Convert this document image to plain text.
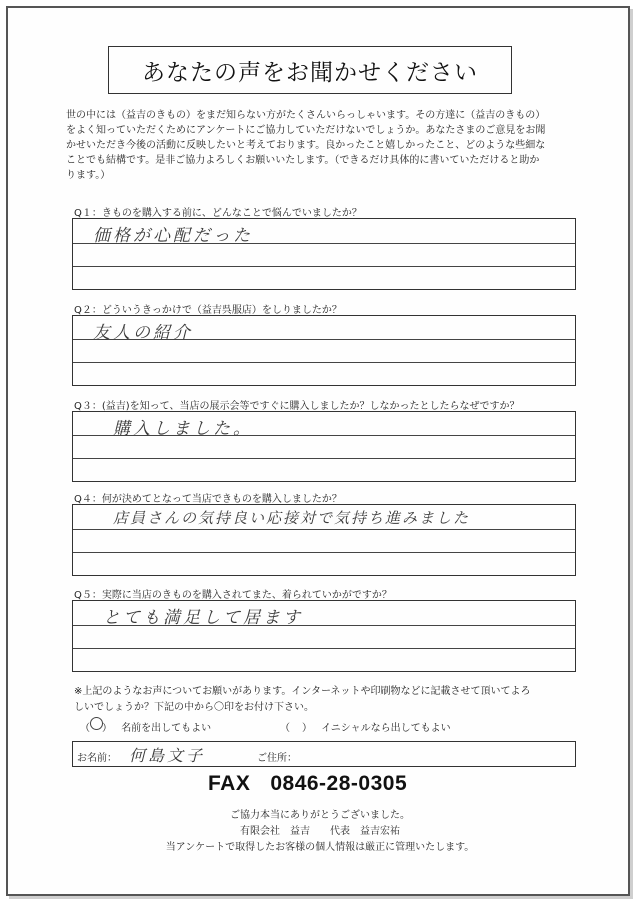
あなたの声をお聞かせください

世の中には（益吉のきもの）をまだ知らない方がたくさんいらっしゃいます。その方達に（益吉のきもの）

をよく知っていただくためにアンケートにご協力していただけないでしょうか。あなたさまのご意見をお聞

かせいただき今後の活動に反映したいと考えております。良かったこと嬉しかったこと、どのような些細な

ことでも結構です。是非ご協力よろしくお願いいたします。（できるだけ具体的に書いていただけると助か

ります。）

Q１：きものを購入する前に、どんなことで悩んでいましたか？
価格が心配だった
Q２：どういうきっかけで（益吉呉服店）をしりましたか？
友人の紹介
Q３：(益吉)を知って、当店の展示会等ですぐに購入しましたか？しなかったとしたらなぜですか？
購入しました。
Q４：何が決めてとなって当店できものを購入しましたか？
店員さんの気持良い応接対で気持ち進みました
Q５：実際に当店のきものを購入されてまた、着られていかがですか？
とても満足して居ます

※上記のようなお声についてお願いがあります。インターネットや印刷物などに記載させて頂いてよろ

しいでしょうか？下記の中から〇印をお付け下さい。

（○ ） 名前を出してもよい	（ ） イニシャルなら出してもよい
お名前： 何島文子	ご住所：
FAX 0846-28-0305
ご協力本当にありがとうございました。
有限会社　益吉　　代表　益吉宏祐
当アンケートで取得したお客様の個人情報は厳正に管理いたします。
